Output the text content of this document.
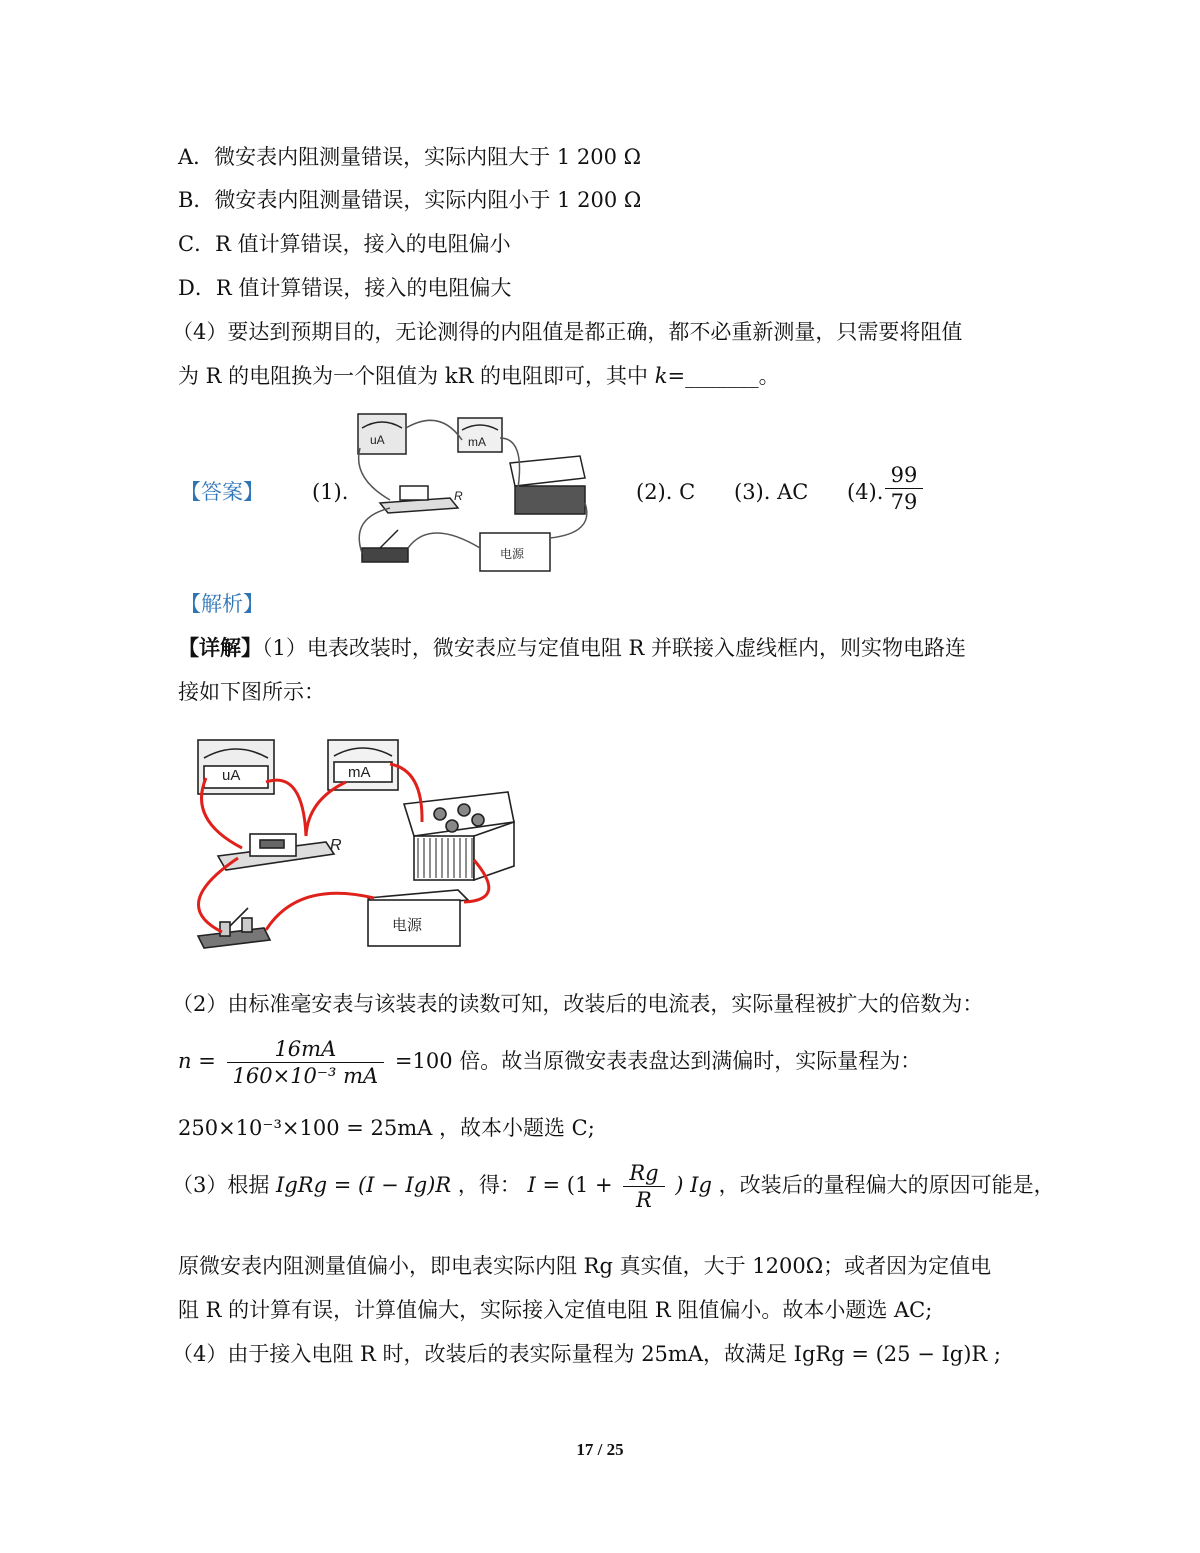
A．微安表内阻测量错误，实际内阻大于 1 200 Ω
B．微安表内阻测量错误，实际内阻小于 1 200 Ω
C．R 值计算错误，接入的电阻偏小
D．R 值计算错误，接入的电阻偏大
（4）要达到预期目的，无论测得的内阻值是都正确，都不必重新测量，只需要将阻值
为 R 的电阻换为一个阻值为 kR 的电阻即可，其中 k=_______。
【答案】 (1).
uA	mA
R
电源
(2). C (3). AC (4). $\frac{99}{79}$
【解析】
【详解】（1）电表改装时，微安表应与定值电阻 R 并联接入虚线框内，则实物电路连
接如下图所示：
uA	mA
R
电源
（2）由标准毫安表与该装表的读数可知，改装后的电流表，实际量程被扩大的倍数为：
$n = \frac{16mA}{\text{160×10⁻³ mA}} =100$ 倍。故当原微安表表盘达到满偏时，实际量程为：
250×10⁻³×100 = 25mA ，故本小题选 C;
（3）根据 IgRg = (I − Ig)R ，得： $I = (1 + \frac{Rg}{R}$ ) Ig ，改装后的量程偏大的原因可能是，
原微安表内阻测量值偏小，即电表实际内阻 Rg 真实值，大于 1200Ω；或者因为定值电
阻 R 的计算有误，计算值偏大，实际接入定值电阻 R 阻值偏小。故本小题选 AC;
（4）由于接入电阻 R 时，改装后的表实际量程为 25mA，故满足 IgRg = (25 − Ig)R ;
17 / 25
